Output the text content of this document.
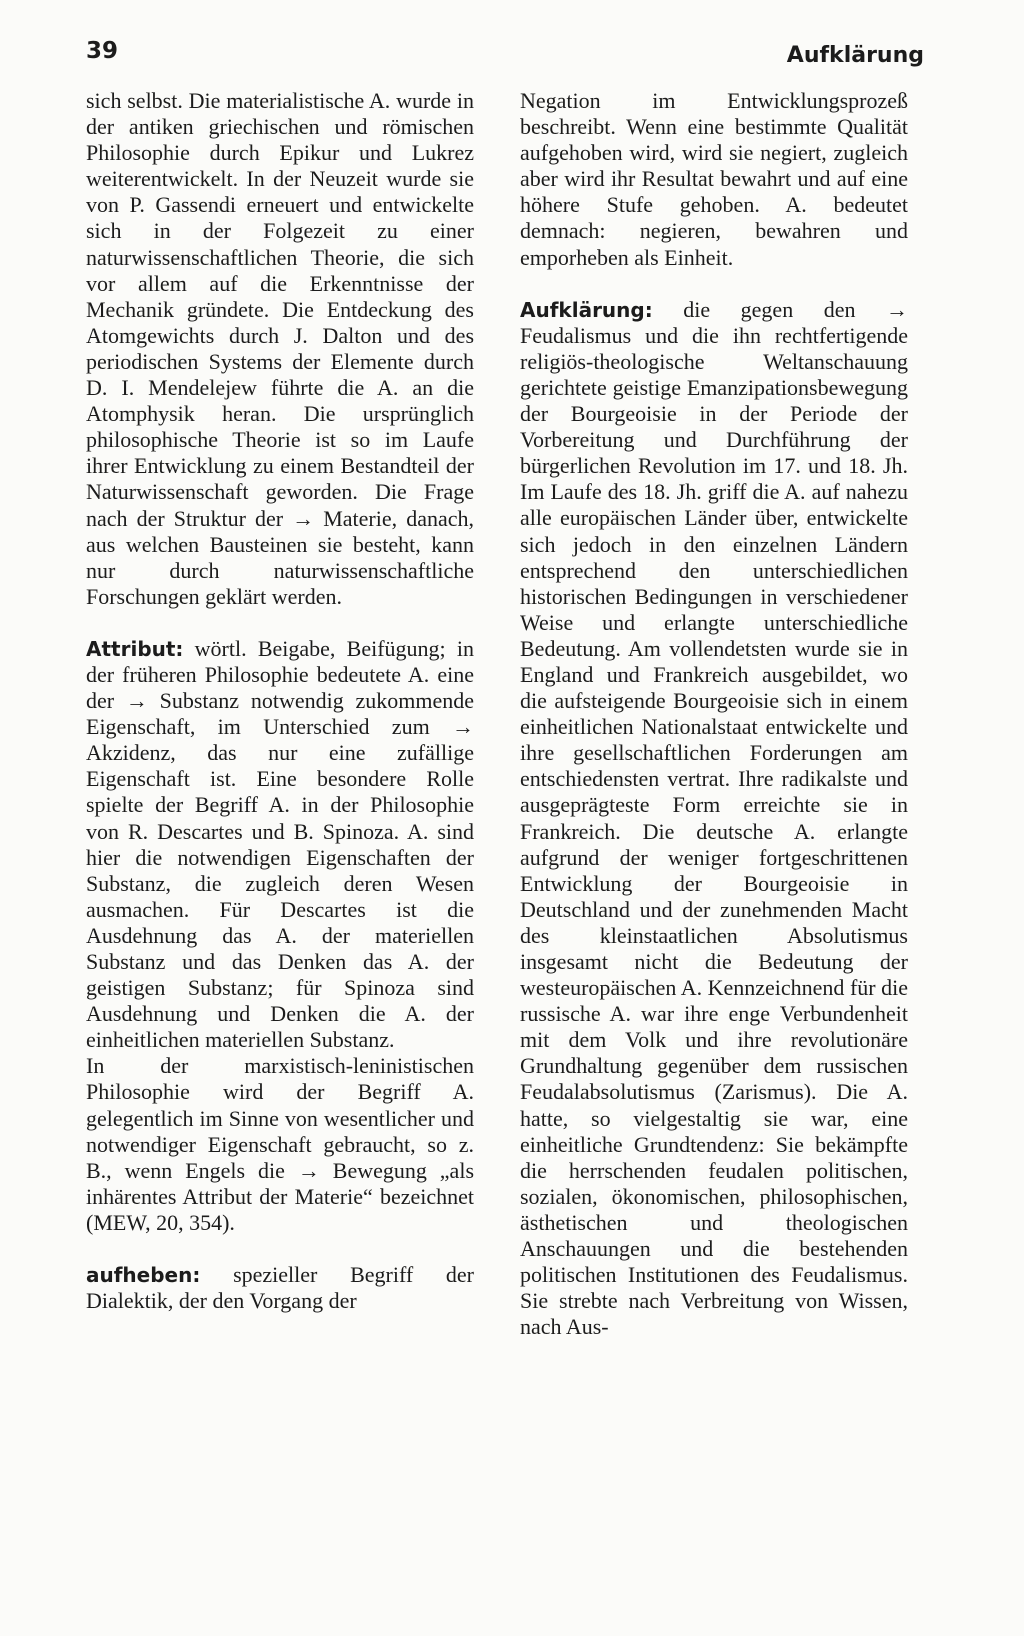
39	Aufklärung

sich selbst. Die materialistische A. wurde in der antiken griechischen und römischen Philosophie durch Epikur und Lukrez weiterentwickelt. In der Neuzeit wurde sie von P. Gassendi erneuert und entwickelte sich in der Folgezeit zu einer naturwissenschaftlichen Theorie, die sich vor allem auf die Erkenntnisse der Mechanik gründete. Die Entdeckung des Atomgewichts durch J. Dalton und des periodischen Systems der Elemente durch D. I. Mendelejew führte die A. an die Atomphysik heran. Die ursprünglich philosophische Theorie ist so im Laufe ihrer Entwicklung zu einem Bestandteil der Naturwissenschaft geworden. Die Frage nach der Struktur der → Materie, danach, aus welchen Bausteinen sie besteht, kann nur durch naturwissenschaftliche Forschungen geklärt werden.

Attribut: wörtl. Beigabe, Beifügung; in der früheren Philosophie bedeutete A. eine der → Substanz notwendig zukommende Eigenschaft, im Unterschied zum → Akzidenz, das nur eine zufällige Eigenschaft ist. Eine besondere Rolle spielte der Begriff A. in der Philosophie von R. Descartes und B. Spinoza. A. sind hier die notwendigen Eigenschaften der Substanz, die zugleich deren Wesen ausmachen. Für Descartes ist die Ausdehnung das A. der materiellen Substanz und das Denken das A. der geistigen Substanz; für Spinoza sind Ausdehnung und Denken die A. der einheitlichen materiellen Substanz.

In der marxistisch-leninistischen Philosophie wird der Begriff A. gelegentlich im Sinne von wesentlicher und notwendiger Eigenschaft gebraucht, so z. B., wenn Engels die → Bewegung „als inhärentes Attribut der Materie“ bezeichnet (MEW, 20, 354).

aufheben: spezieller Begriff der Dialektik, der den Vorgang der

Negation im Entwicklungsprozeß beschreibt. Wenn eine bestimmte Qualität aufgehoben wird, wird sie negiert, zugleich aber wird ihr Resultat bewahrt und auf eine höhere Stufe gehoben. A. bedeutet demnach: negieren, bewahren und emporheben als Einheit.

Aufklärung: die gegen den → Feudalismus und die ihn rechtfertigende religiös-theologische Weltanschauung gerichtete geistige Emanzipationsbewegung der Bourgeoisie in der Periode der Vorbereitung und Durchführung der bürgerlichen Revolution im 17. und 18. Jh. Im Laufe des 18. Jh. griff die A. auf nahezu alle europäischen Länder über, entwickelte sich jedoch in den einzelnen Ländern entsprechend den unterschiedlichen historischen Bedingungen in verschiedener Weise und erlangte unterschiedliche Bedeutung. Am vollendetsten wurde sie in England und Frankreich ausgebildet, wo die aufsteigende Bourgeoisie sich in einem einheitlichen Nationalstaat entwickelte und ihre gesellschaftlichen Forderungen am entschiedensten vertrat. Ihre radikalste und ausgeprägteste Form erreichte sie in Frankreich. Die deutsche A. erlangte aufgrund der weniger fortgeschrittenen Entwicklung der Bourgeoisie in Deutschland und der zunehmenden Macht des kleinstaatlichen Absolutismus insgesamt nicht die Bedeutung der westeuropäischen A. Kennzeichnend für die russische A. war ihre enge Verbundenheit mit dem Volk und ihre revolutionäre Grundhaltung gegenüber dem russischen Feudalabsolutismus (Zarismus). Die A. hatte, so vielgestaltig sie war, eine einheitliche Grundtendenz: Sie bekämpfte die herrschenden feudalen politischen, sozialen, ökonomischen, philosophischen, ästhetischen und theologischen Anschauungen und die bestehenden politischen Institutionen des Feudalismus. Sie strebte nach Verbreitung von Wissen, nach Aus-
